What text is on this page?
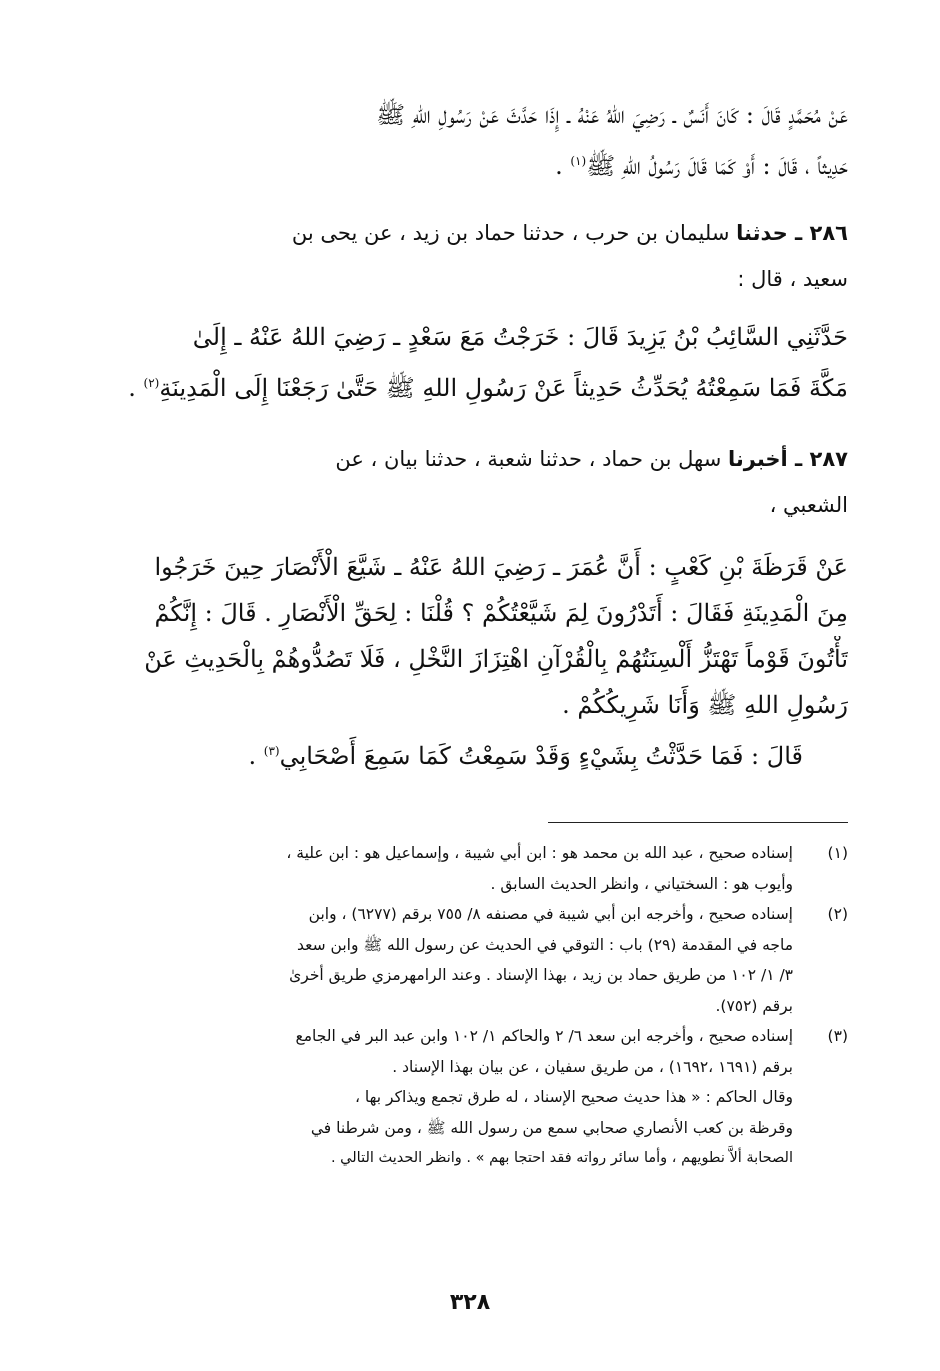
عَنْ مُحَمَّدٍ قَالَ : كَانَ أَنَسٌ ـ رَضِيَ اللهُ عَنْهُ ـ إِذَا حَدَّثَ عَنْ رَسُولِ اللهِ ﷺ
حَدِيثاً ، قَالَ : أَوْ كَمَا قَالَ رَسُولُ اللهِ ﷺ$^{(١)}$ .
٢٨٦ ـ حدثنا سليمان بن حرب ، حدثنا حماد بن زيد ، عن يحى بن
سعيد ، قال :
حَدَّثَنِي السَّائِبُ بْنُ يَزِيدَ قَالَ : خَرَجْتُ مَعَ سَعْدٍ ـ رَضِيَ اللهُ عَنْهُ ـ إِلَىٰ
مَكَّةَ فَمَا سَمِعْتُهُ يُحَدِّثُ حَدِيثاً عَنْ رَسُولِ اللهِ ﷺ حَتَّىٰ رَجَعْنَا إِلَى الْمَدِينَةِ$^{(٢)}$ .
٢٨٧ ـ أخبرنا سهل بن حماد ، حدثنا شعبة ، حدثنا بيان ، عن
الشعبي ،
عَنْ قَرَظَةَ بْنِ كَعْبٍ : أَنَّ عُمَرَ ـ رَضِيَ اللهُ عَنْهُ ـ شَيَّعَ الْأَنْصَارَ حِينَ خَرَجُوا
مِنَ الْمَدِينَةِ فَقَالَ : أَتَدْرُونَ لِمَ شَيَّعْتُكُمْ ؟ قُلْنَا : لِحَقِّ الْأَنْصَارِ . قَالَ : إِنَّكُمْ
تَأْتُونَ قَوْماً تَهْتَزُّ أَلْسِنَتُهُمْ بِالْقُرْآنِ اهْتِزَازَ النَّخْلِ ، فَلَا تَصُدُّوهُمْ بِالْحَدِيثِ عَنْ
رَسُولِ اللهِ ﷺ وَأَنَا شَرِيكُكُمْ .
قَالَ : فَمَا حَدَّثْتُ بِشَيْءٍ وَقَدْ سَمِعْتُ كَمَا سَمِعَ أَصْحَابِي$^{(٣)}$ .
(١)
إسناده صحيح ، عبد الله بن محمد هو : ابن أبي شيبة ، وإسماعيل هو : ابن علية ،
وأيوب هو : السختياني ، وانظر الحديث السابق .
(٢)
إسناده صحيح ، وأخرجه ابن أبي شيبة في مصنفه ٨/ ٧٥٥ برقم (٦٢٧٧) ، وابن
ماجه في المقدمة (٢٩) باب : التوقي في الحديث عن رسول الله ﷺ وابن سعد
٣/ ١/ ١٠٢ من طريق حماد بن زيد ، بهذا الإسناد . وعند الرامهرمزي طريق أخرىٰ
برقم (٧٥٢).
(٣)
إسناده صحيح ، وأخرجه ابن سعد ٦/ ٢ والحاكم ١/ ١٠٢ وابن عبد البر في الجامع
برقم (١٦٩١ ،١٦٩٢) ، من طريق سفيان ، عن بيان بهذا الإسناد .
وقال الحاكم : « هذا حديث صحيح الإسناد ، له طرق تجمع ويذاكر بها ،
وقرظة بن كعب الأنصاري صحابي سمع من رسول الله ﷺ ، ومن شرطنا في
الصحابة ألاَّ نطويهم ، وأما سائر رواته فقد احتجا بهم » . وانظر الحديث التالي .
٣٢٨
